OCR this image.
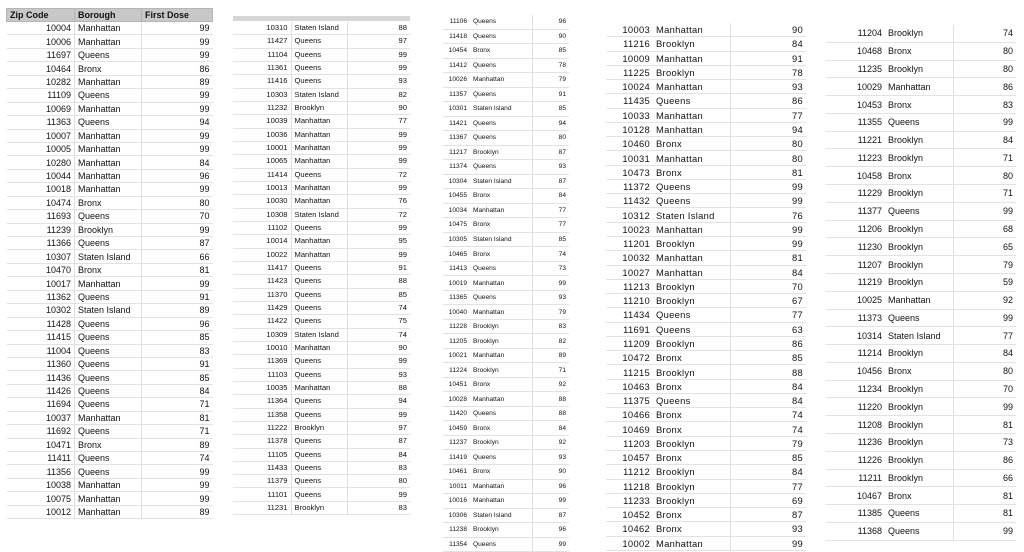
Zip Code	Borough	First Dose
10004	Manhattan	99
10006	Manhattan	99
11697	Queens	99
10464	Bronx	86
10282	Manhattan	89
11109	Queens	99
10069	Manhattan	99
11363	Queens	94
10007	Manhattan	99
10005	Manhattan	99
10280	Manhattan	84
10044	Manhattan	96
10018	Manhattan	99
10474	Bronx	80
11693	Queens	70
11239	Brooklyn	99
11366	Queens	87
10307	Staten Island	66
10470	Bronx	81
10017	Manhattan	99
11362	Queens	91
10302	Staten Island	89
11428	Queens	96
11415	Queens	85
11004	Queens	83
11360	Queens	91
11436	Queens	85
11426	Queens	84
11694	Queens	71
10037	Manhattan	81
11692	Queens	71
10471	Bronx	89
11411	Queens	74
11356	Queens	99
10038	Manhattan	99
10075	Manhattan	99
10012	Manhattan	89
10310	Staten Island	88
11427	Queens	97
11104	Queens	99
11361	Queens	99
11416	Queens	93
10303	Staten Island	82
11232	Brooklyn	90
10039	Manhattan	77
10036	Manhattan	99
10001	Manhattan	99
10065	Manhattan	99
11414	Queens	72
10013	Manhattan	99
10030	Manhattan	76
10308	Staten Island	72
11102	Queens	99
10014	Manhattan	95
10022	Manhattan	99
11417	Queens	91
11423	Queens	88
11370	Queens	85
11429	Queens	74
11422	Queens	75
10309	Staten Island	74
10010	Manhattan	90
11369	Queens	99
11103	Queens	93
10035	Manhattan	88
11364	Queens	94
11358	Queens	99
11222	Brooklyn	97
11378	Queens	87
11105	Queens	84
11433	Queens	83
11379	Queens	80
11101	Queens	99
11231	Brooklyn	83
11106	Queens	96
11418	Queens	90
10454	Bronx	85
11412	Queens	78
10026	Manhattan	79
11357	Queens	91
10301	Staten Island	85
11421	Queens	94
11367	Queens	80
11217	Brooklyn	87
11374	Queens	93
10304	Staten Island	87
10455	Bronx	84
10034	Manhattan	77
10475	Bronx	77
10305	Staten Island	85
10465	Bronx	74
11413	Queens	73
10019	Manhattan	99
11365	Queens	93
10040	Manhattan	79
11228	Brooklyn	83
11205	Brooklyn	82
10021	Manhattan	89
11224	Brooklyn	71
10451	Bronx	92
10028	Manhattan	88
11420	Queens	88
10459	Bronx	84
11237	Brooklyn	92
11419	Queens	93
10461	Bronx	90
10011	Manhattan	96
10016	Manhattan	99
10306	Staten Island	87
11238	Brooklyn	96
11354	Queens	99
10003	Manhattan	90
11216	Brooklyn	84
10009	Manhattan	91
11225	Brooklyn	78
10024	Manhattan	93
11435	Queens	86
10033	Manhattan	77
10128	Manhattan	94
10460	Bronx	80
10031	Manhattan	80
10473	Bronx	81
11372	Queens	99
11432	Queens	99
10312	Staten Island	76
10023	Manhattan	99
11201	Brooklyn	99
10032	Manhattan	81
10027	Manhattan	84
11213	Brooklyn	70
11210	Brooklyn	67
11434	Queens	77
11691	Queens	63
11209	Brooklyn	86
10472	Bronx	85
11215	Brooklyn	88
10463	Bronx	84
11375	Queens	84
10466	Bronx	74
10469	Bronx	74
11203	Brooklyn	79
10457	Bronx	85
11212	Brooklyn	84
11218	Brooklyn	77
11233	Brooklyn	69
10452	Bronx	87
10462	Bronx	93
10002	Manhattan	99
11204	Brooklyn	74
10468	Bronx	80
11235	Brooklyn	80
10029	Manhattan	86
10453	Bronx	83
11355	Queens	99
11221	Brooklyn	84
11223	Brooklyn	71
10458	Bronx	80
11229	Brooklyn	71
11377	Queens	99
11206	Brooklyn	68
11230	Brooklyn	65
11207	Brooklyn	79
11219	Brooklyn	59
10025	Manhattan	92
11373	Queens	99
10314	Staten Island	77
11214	Brooklyn	84
10456	Bronx	80
11234	Brooklyn	70
11220	Brooklyn	99
11208	Brooklyn	81
11236	Brooklyn	73
11226	Brooklyn	86
11211	Brooklyn	66
10467	Bronx	81
11385	Queens	81
11368	Queens	99
